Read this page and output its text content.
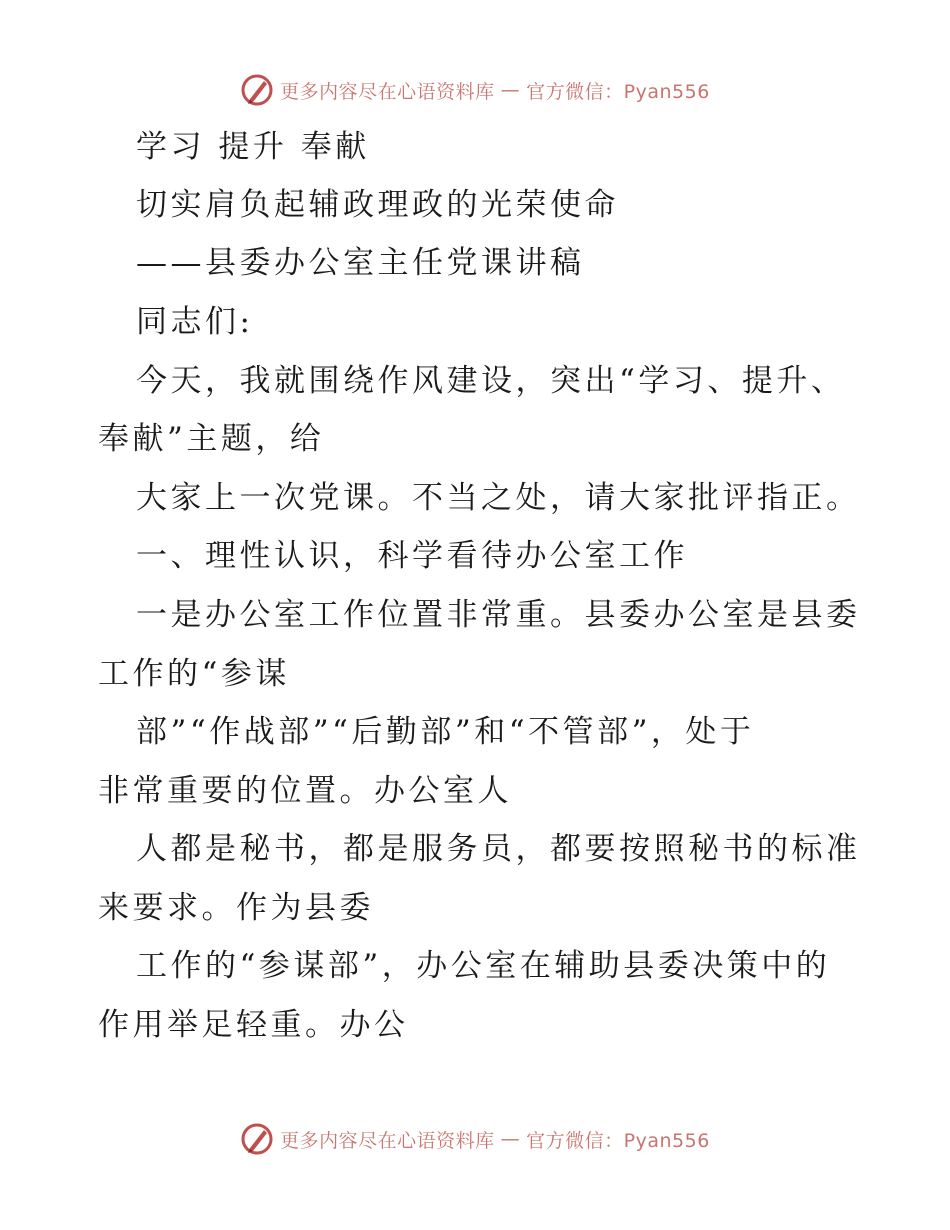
更多内容尽在心语资料库 — 官方微信：Pyan556
学习 提升 奉献
切实肩负起辅政理政的光荣使命
——县委办公室主任党课讲稿
同志们:
今天，我就围绕作风建设，突出“学习、提升、
奉献”主题，给
大家上一次党课。不当之处，请大家批评指正。
一、理性认识，科学看待办公室工作
一是办公室工作位置非常重。县委办公室是县委
工作的“参谋
部”“作战部”“后勤部”和“不管部”，处于
非常重要的位置。办公室人
人都是秘书，都是服务员，都要按照秘书的标准
来要求。作为县委
工作的“参谋部”，办公室在辅助县委决策中的
作用举足轻重。办公
更多内容尽在心语资料库 — 官方微信：Pyan556
